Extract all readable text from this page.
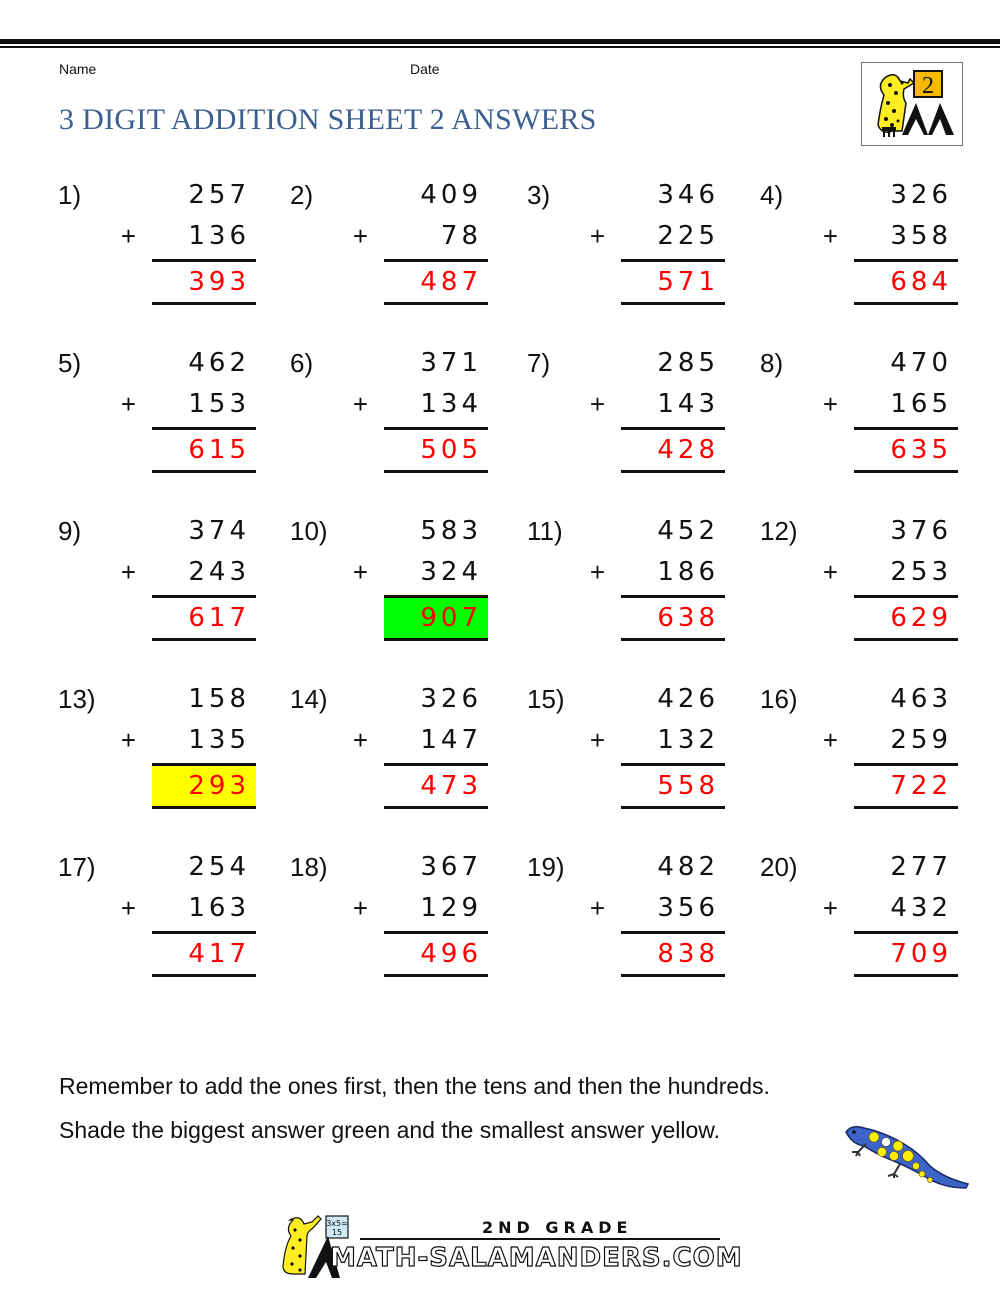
Name	Date
3 DIGIT ADDITION SHEET 2 ANSWERS
2
1)	257
+	136
393
2)	409
+	78
487
3)	346
+	225
571
4)	326
+	358
684
5)	462
+	153
615
6)	371
+	134
505
7)	285
+	143
428
8)	470
+	165
635
9)	374
+	243
617
10)	583
+	324
907
11)	452
+	186
638
12)	376
+	253
629
13)	158
+	135
293
14)	326
+	147
473
15)	426
+	132
558
16)	463
+	259
722
17)	254
+	163
417
18)	367
+	129
496
19)	482
+	356
838
20)	277
+	432
709
Remember to add the ones first, then the tens and then the hundreds.
Shade the biggest answer green and the smallest answer yellow.
3x5=
15	2ND GRADE
MATH-SALAMANDERS.COM
